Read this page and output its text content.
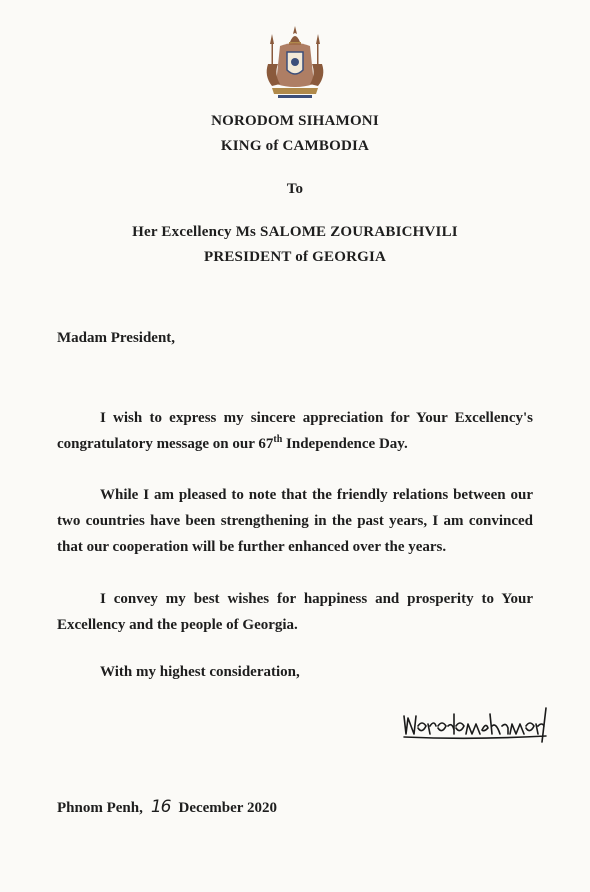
NORODOM SIHAMONI
KING of CAMBODIA
To
Her Excellency Ms SALOME ZOURABICHVILI
PRESIDENT of GEORGIA
Madam President,

I wish to express my sincere appreciation for Your Excellency's congratulatory message on our 67th Independence Day.

While I am pleased to note that the friendly relations between our two countries have been strengthening in the past years, I am convinced that our cooperation will be further enhanced over the years.

I convey my best wishes for happiness and prosperity to Your Excellency and the people of Georgia.

With my highest consideration,
Phnom Penh, 16 December 2020
